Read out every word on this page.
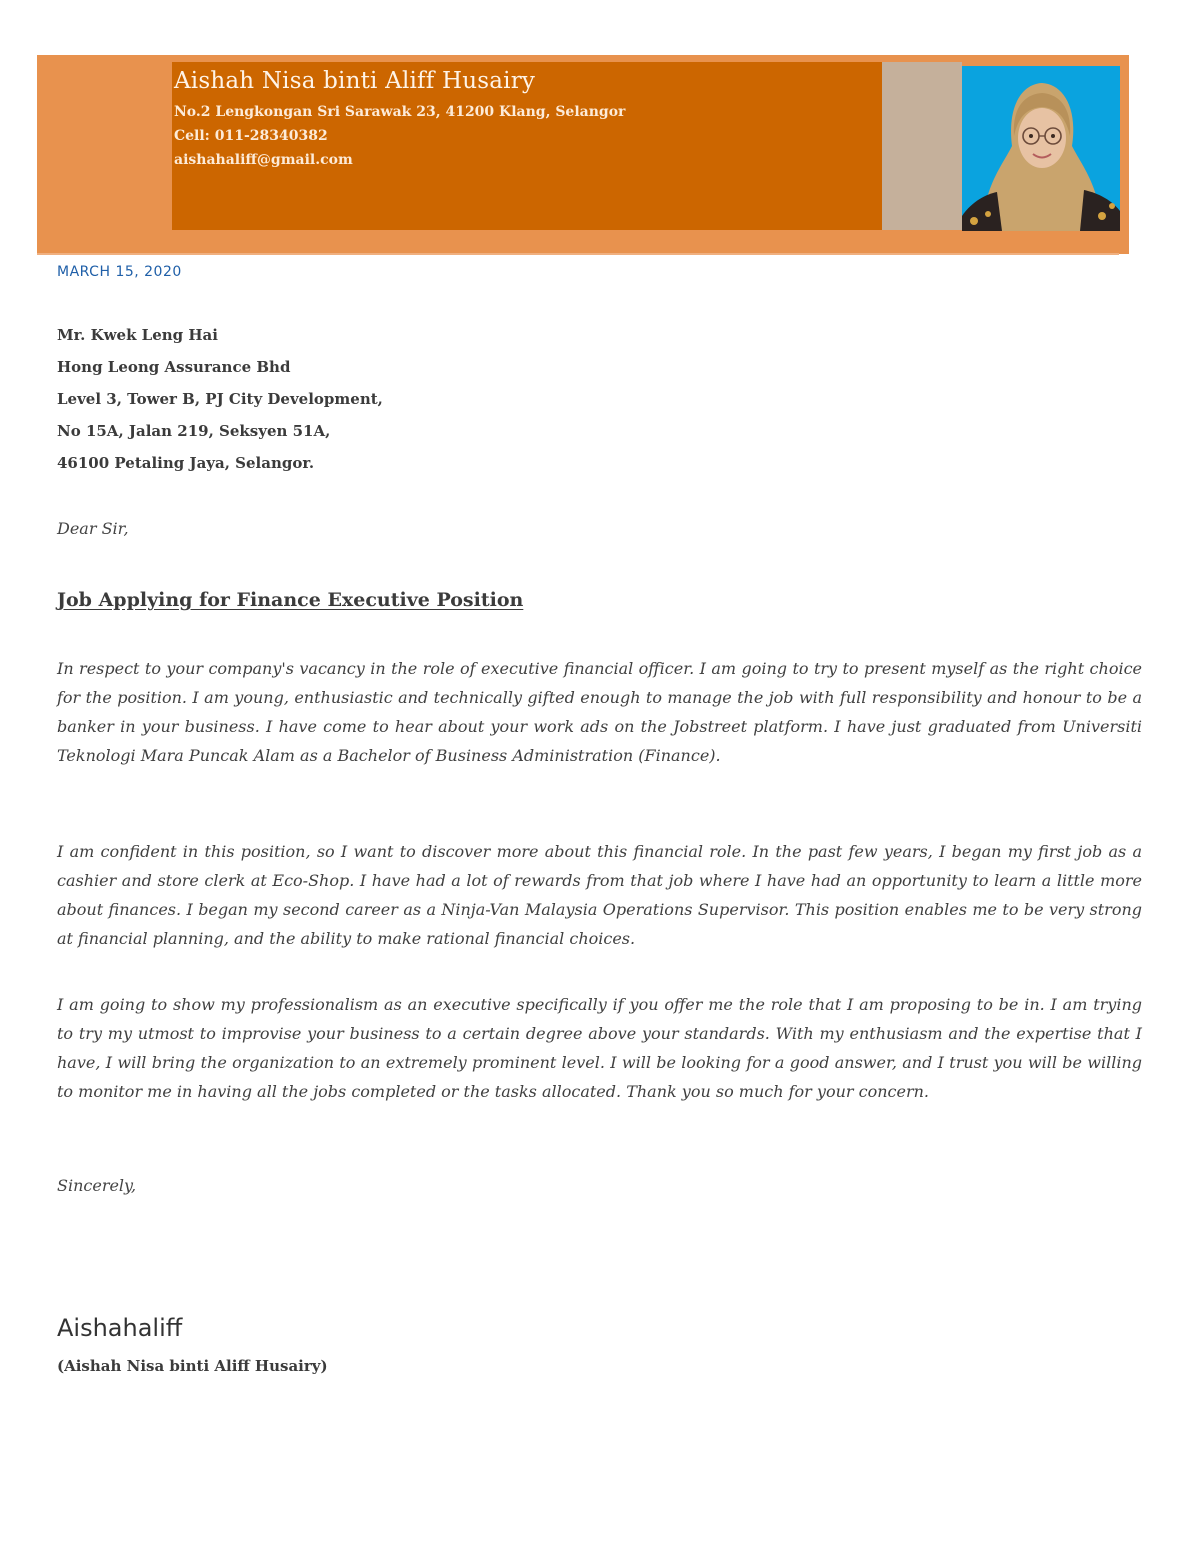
Aishah Nisa binti Aliff Husairy
No.2 Lengkongan Sri Sarawak 23, 41200 Klang, Selangor
Cell: 011-28340382
aishahaliff@gmail.com
MARCH 15, 2020
Mr. Kwek Leng Hai
Hong Leong Assurance Bhd
Level 3, Tower B, PJ City Development,
No 15A, Jalan 219, Seksyen 51A,
46100 Petaling Jaya, Selangor.
Dear Sir,
Job Applying for Finance Executive Position

In respect to your company's vacancy in the role of executive financial officer. I am going to try to present myself as the right choice for the position. I am young, enthusiastic and technically gifted enough to manage the job with full responsibility and honour to be a banker in your business. I have come to hear about your work ads on the Jobstreet platform. I have just graduated from Universiti Teknologi Mara Puncak Alam as a Bachelor of Business Administration (Finance).

I am confident in this position, so I want to discover more about this financial role. In the past few years, I began my first job as a cashier and store clerk at Eco-Shop. I have had a lot of rewards from that job where I have had an opportunity to learn a little more about finances. I began my second career as a Ninja-Van Malaysia Operations Supervisor. This position enables me to be very strong at financial planning, and the ability to make rational financial choices.

I am going to show my professionalism as an executive specifically if you offer me the role that I am proposing to be in. I am trying to try my utmost to improvise your business to a certain degree above your standards. With my enthusiasm and the expertise that I have, I will bring the organization to an extremely prominent level. I will be looking for a good answer, and I trust you will be willing to monitor me in having all the jobs completed or the tasks allocated. Thank you so much for your concern.

Sincerely,
Aishahaliff
(Aishah Nisa binti Aliff Husairy)
